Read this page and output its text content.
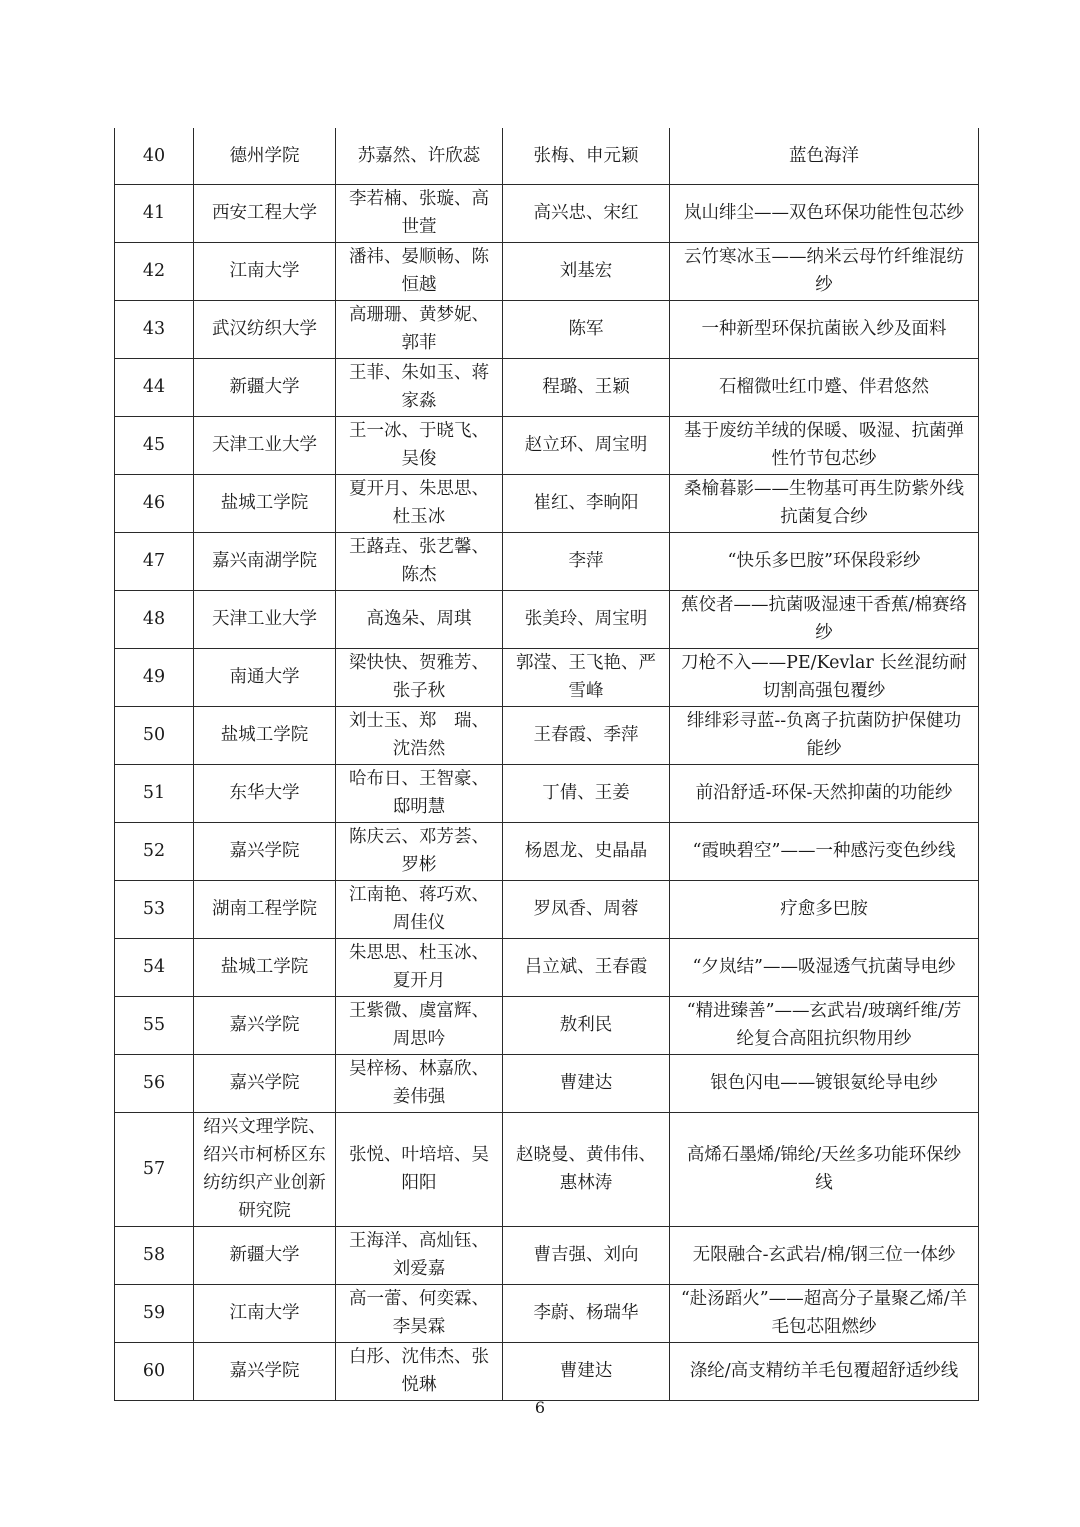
40	德州学院	苏嘉然、许欣蕊	张梅、申元颖	蓝色海洋
41	西安工程大学	李若楠、张璇、高世萱	高兴忠、宋红	岚山绯尘——双色环保功能性包芯纱
42	江南大学	潘祎、晏顺畅、陈恒越	刘基宏	云竹寒冰玉——纳米云母竹纤维混纺纱
43	武汉纺织大学	高珊珊、黄梦妮、郭菲	陈军	一种新型环保抗菌嵌入纱及面料
44	新疆大学	王菲、朱如玉、蒋家淼	程璐、王颖	石榴微吐红巾蹙、伴君悠然
45	天津工业大学	王一冰、于晓飞、吴俊	赵立环、周宝明	基于废纺羊绒的保暖、吸湿、抗菌弹性竹节包芯纱
46	盐城工学院	夏开月、朱思思、杜玉冰	崔红、李晌阳	桑榆暮影——生物基可再生防紫外线抗菌复合纱
47	嘉兴南湖学院	王蕗垚、张艺馨、陈杰	李萍	“快乐多巴胺”环保段彩纱
48	天津工业大学	高逸朵、周琪	张美玲、周宝明	蕉佼者——抗菌吸湿速干香蕉/棉赛络纱
49	南通大学	梁快快、贺雅芳、张子秋	郭滢、王飞艳、严雪峰	刀枪不入——PE/Kevlar 长丝混纺耐切割高强包覆纱
50	盐城工学院	刘士玉、郑　瑞、沈浩然	王春霞、季萍	绯绯彩寻蓝--负离子抗菌防护保健功能纱
51	东华大学	哈布日、王智豪、邸明慧	丁倩、王姜	前沿舒适-环保-天然抑菌的功能纱
52	嘉兴学院	陈庆云、邓芳荟、罗彬	杨恩龙、史晶晶	“霞映碧空”——一种感污变色纱线
53	湖南工程学院	江南艳、蒋巧欢、周佳仪	罗凤香、周蓉	疗愈多巴胺
54	盐城工学院	朱思思、杜玉冰、夏开月	吕立斌、王春霞	“夕岚结”——吸湿透气抗菌导电纱
55	嘉兴学院	王紫微、虞富辉、周思吟	敖利民	“精进臻善”——玄武岩/玻璃纤维/芳纶复合高阻抗织物用纱
56	嘉兴学院	吴梓杨、林嘉欣、姜伟强	曹建达	银色闪电——镀银氨纶导电纱
57	绍兴文理学院、绍兴市柯桥区东纺纺织产业创新研究院	张悦、叶培培、吴阳阳	赵晓曼、黄伟伟、惠林涛	高烯石墨烯/锦纶/天丝多功能环保纱线
58	新疆大学	王海洋、高灿钰、刘爱嘉	曹吉强、刘向	无限融合-玄武岩/棉/钢三位一体纱
59	江南大学	高一蕾、何奕霖、李昊霖	李蔚、杨瑞华	“赴汤蹈火”——超高分子量聚乙烯/羊毛包芯阻燃纱
60	嘉兴学院	白彤、沈伟杰、张悦琳	曹建达	涤纶/高支精纺羊毛包覆超舒适纱线
6
